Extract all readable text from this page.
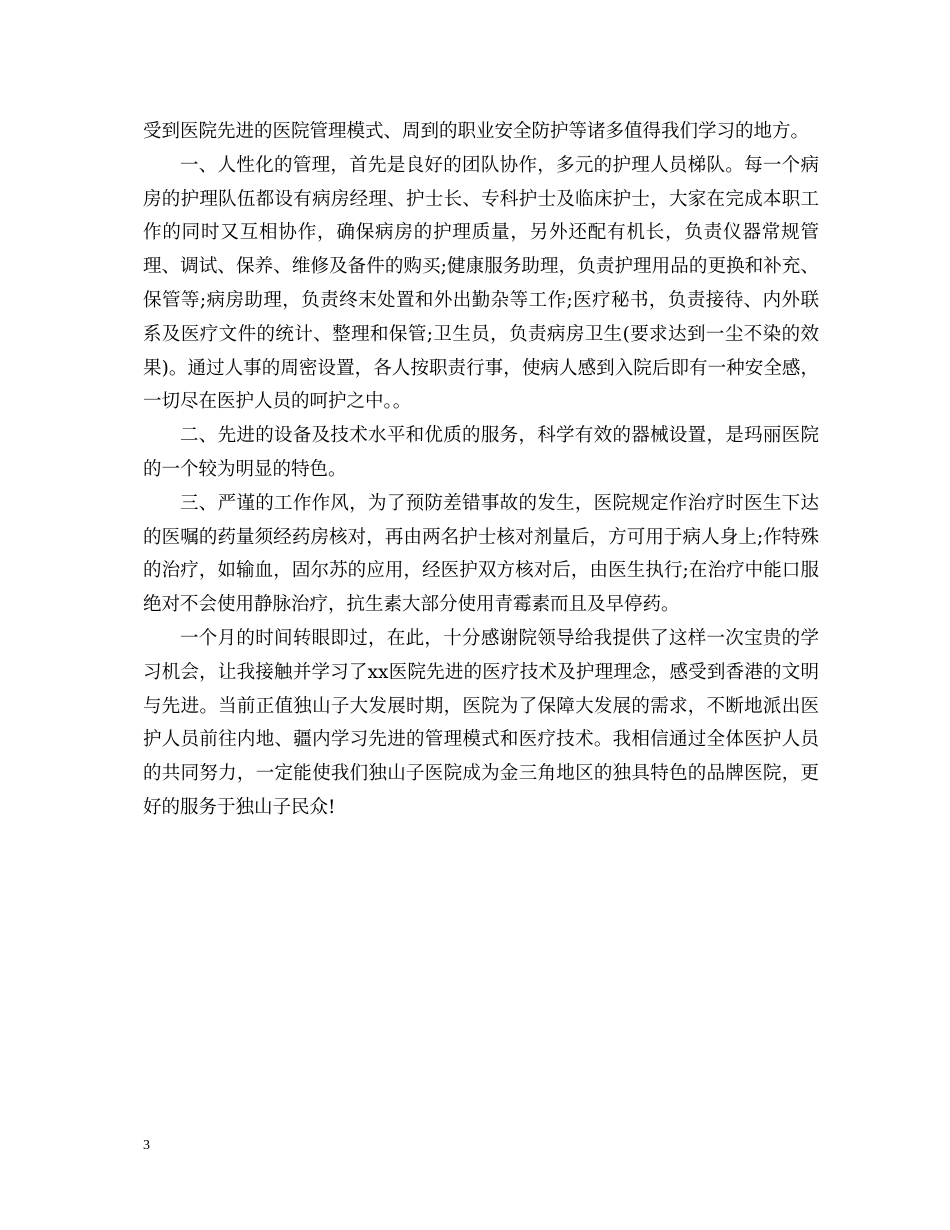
受到医院先进的医院管理模式、周到的职业安全防护等诸多值得我们学习的地方。

一、人性化的管理，首先是良好的团队协作，多元的护理人员梯队。每一个病房的护理队伍都设有病房经理、护士长、专科护士及临床护士，大家在完成本职工作的同时又互相协作，确保病房的护理质量，另外还配有机长，负责仪器常规管理、调试、保养、维修及备件的购买;健康服务助理，负责护理用品的更换和补充、保管等;病房助理，负责终末处置和外出勤杂等工作;医疗秘书，负责接待、内外联系及医疗文件的统计、整理和保管;卫生员，负责病房卫生(要求达到一尘不染的效果)。通过人事的周密设置，各人按职责行事，使病人感到入院后即有一种安全感，一切尽在医护人员的呵护之中。。

二、先进的设备及技术水平和优质的服务，科学有效的器械设置，是玛丽医院的一个较为明显的特色。

三、严谨的工作作风，为了预防差错事故的发生，医院规定作治疗时医生下达的医嘱的药量须经药房核对，再由两名护士核对剂量后，方可用于病人身上;作特殊的治疗，如输血，固尔苏的应用，经医护双方核对后，由医生执行;在治疗中能口服绝对不会使用静脉治疗，抗生素大部分使用青霉素而且及早停药。

一个月的时间转眼即过，在此，十分感谢院领导给我提供了这样一次宝贵的学习机会，让我接触并学习了xx医院先进的医疗技术及护理理念，感受到香港的文明与先进。当前正值独山子大发展时期，医院为了保障大发展的需求，不断地派出医护人员前往内地、疆内学习先进的管理模式和医疗技术。我相信通过全体医护人员的共同努力，一定能使我们独山子医院成为金三角地区的独具特色的品牌医院，更好的服务于独山子民众!

3
